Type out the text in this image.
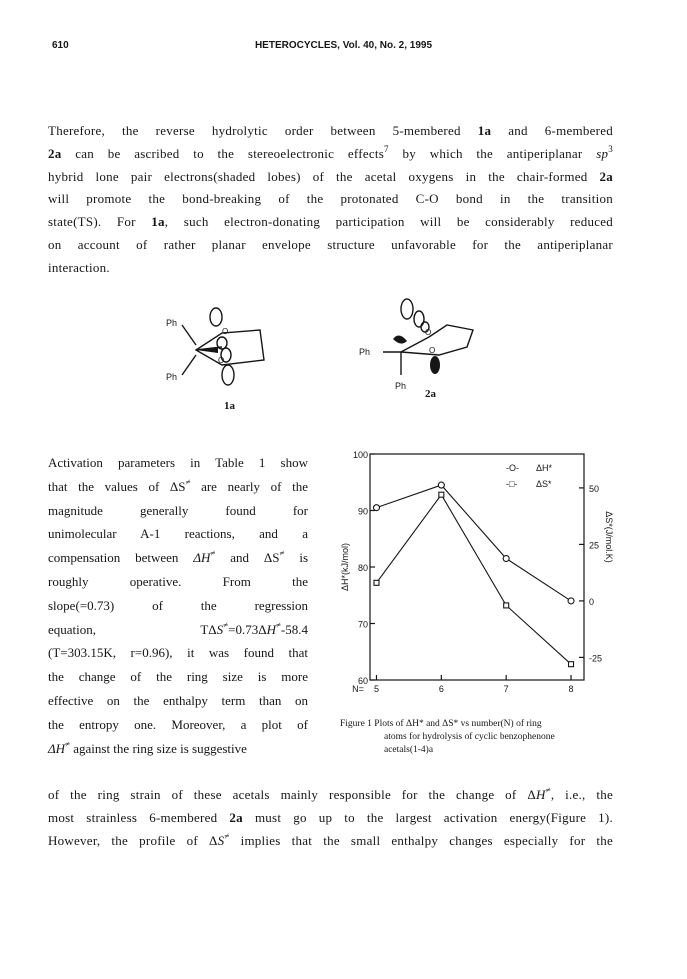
610	HETEROCYCLES, Vol. 40, No. 2, 1995
Therefore, the reverse hydrolytic order between 5-membered 1a and 6-membered
2a can be ascribed to the stereoelectronic effects$^7$ by which the antiperiplanar $sp^3$
hybrid lone pair electrons(shaded lobes) of the acetal oxygens in the chair-formed 2a
will promote the bond-breaking of the protonated C-O bond in the transition
state(TS). For 1a, such electron-donating participation will be considerably reduced
on account of rather planar envelope structure unfavorable for the antiperiplanar
interaction.
Ph
Ph
O
O
1a
Ph
Ph
O
O
2a
Activation parameters in Table 1 show
that the values of ΔS≠ are nearly of the
magnitude generally found for
unimolecular A-1 reactions, and a
compensation between ΔH≠ and ΔS≠ is
roughly operative. From the
slope(=0.73) of the regression
equation, TΔS≠=0.73ΔH≠-58.4
(T=303.15K, r=0.96), it was found that
the change of the ring size is more
effective on the enthalpy term than on
the entropy one. Moreover, a plot of
ΔH≠ against the ring size is suggestive
60
70
80
90
100
-25
0
25
50
5	6	7	8
N=
ΔH*(kJ/mol)
ΔS*(J/mol.K)
-O- ΔH*
-□- ΔS*
Figure 1 Plots of ΔH* and ΔS* vs number(N) of ring
atoms for hydrolysis of cyclic benzophenone
acetals(1-4)a
of the ring strain of these acetals mainly responsible for the change of ΔH≠, i.e., the
most strainless 6-membered 2a must go up to the largest activation energy(Figure 1).
However, the profile of ΔS≠ implies that the small enthalpy changes especially for the
